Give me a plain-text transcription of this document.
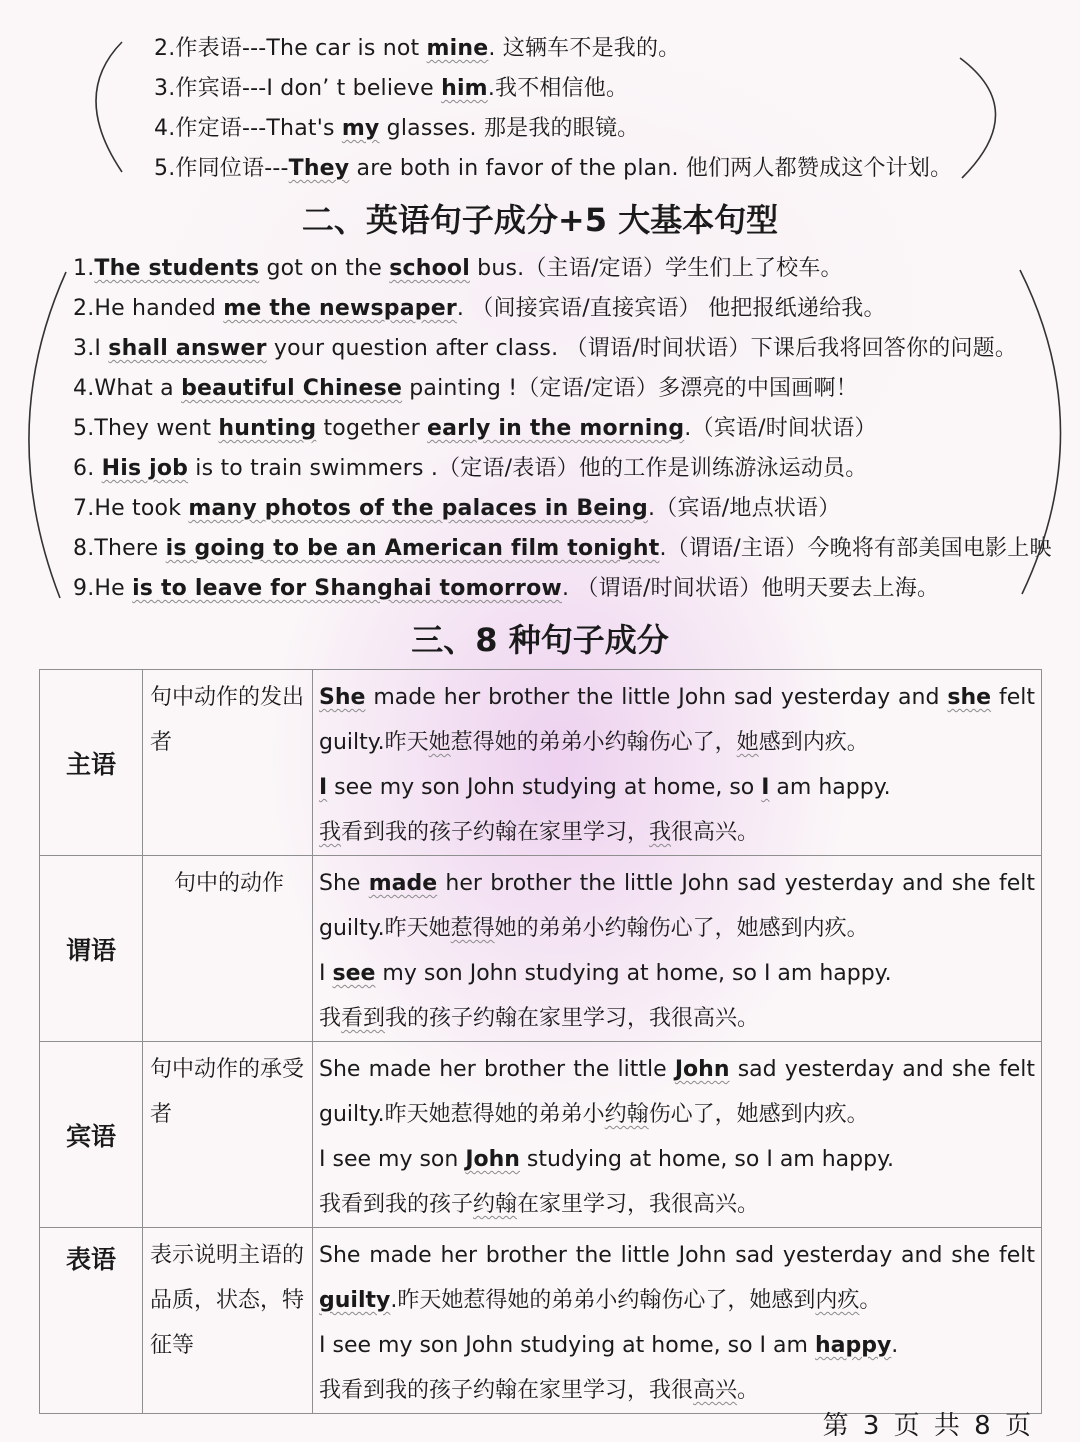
2.作表语---The car is not mine. 这辆车不是我的。
3.作宾语---I don’ t believe him.我不相信他。
4.作定语---That's my glasses. 那是我的眼镜。
5.作同位语---They are both in favor of the plan. 他们两人都赞成这个计划。
二、英语句子成分+5 大基本句型
1.The students got on the school bus.（主语/定语）学生们上了校车。
2.He handed me the newspaper. （间接宾语/直接宾语） 他把报纸递给我。
3.I shall answer your question after class. （谓语/时间状语）下课后我将回答你的问题。
4.What a beautiful Chinese painting !（定语/定语）多漂亮的中国画啊！
5.They went hunting together early in the morning.（宾语/时间状语）
6. His job is to train swimmers .（定语/表语）他的工作是训练游泳运动员。
7.He took many photos of the palaces in Being.（宾语/地点状语）
8.There is going to be an American film tonight.（谓语/主语）今晚将有部美国电影上映
9.He is to leave for Shanghai tomorrow. （谓语/时间状语）他明天要去上海。
三、8 种句子成分
主语	句中动作的发出者	She made her brother the little John sad yesterday and she felt
guilty.昨天她惹得她的弟弟小约翰伤心了，她感到内疚。
I see my son John studying at home, so I am happy.
我看到我的孩子约翰在家里学习，我很高兴。

谓语	句中的动作	She made her brother the little John sad yesterday and she felt
guilty.昨天她惹得她的弟弟小约翰伤心了，她感到内疚。
I see my son John studying at home, so I am happy.
我看到我的孩子约翰在家里学习，我很高兴。

宾语	句中动作的承受者	She made her brother the little John sad yesterday and she felt
guilty.昨天她惹得她的弟弟小约翰伤心了，她感到内疚。
I see my son John studying at home, so I am happy.
我看到我的孩子约翰在家里学习，我很高兴。

表语	表示说明主语的品质，状态，特征等	She made her brother the little John sad yesterday and she felt
guilty.昨天她惹得她的弟弟小约翰伤心了，她感到内疚。
I see my son John studying at home, so I am happy.
我看到我的孩子约翰在家里学习，我很高兴。
第 3 页 共 8 页
